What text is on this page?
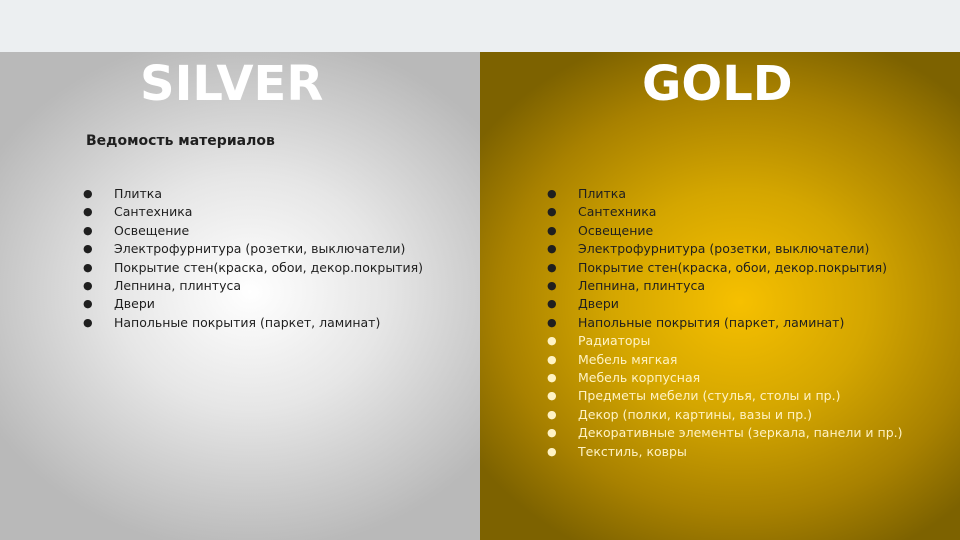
SILVER
Ведомость материалов
● Плитка
● Сантехника
● Освещение
● Электрофурнитура (розетки, выключатели)
● Покрытие стен(краска, обои, декор.покрытия)
● Лепнина, плинтуса
● Двери
● Напольные покрытия (паркет, ламинат)
GOLD
● Плитка
● Сантехника
● Освещение
● Электрофурнитура (розетки, выключатели)
● Покрытие стен(краска, обои, декор.покрытия)
● Лепнина, плинтуса
● Двери
● Напольные покрытия (паркет, ламинат)
● Радиаторы
● Мебель мягкая
● Мебель корпусная
● Предметы мебели (стулья, столы и пр.)
● Декор (полки, картины, вазы и пр.)
● Декоративные элементы (зеркала, панели и пр.)
● Текстиль, ковры
